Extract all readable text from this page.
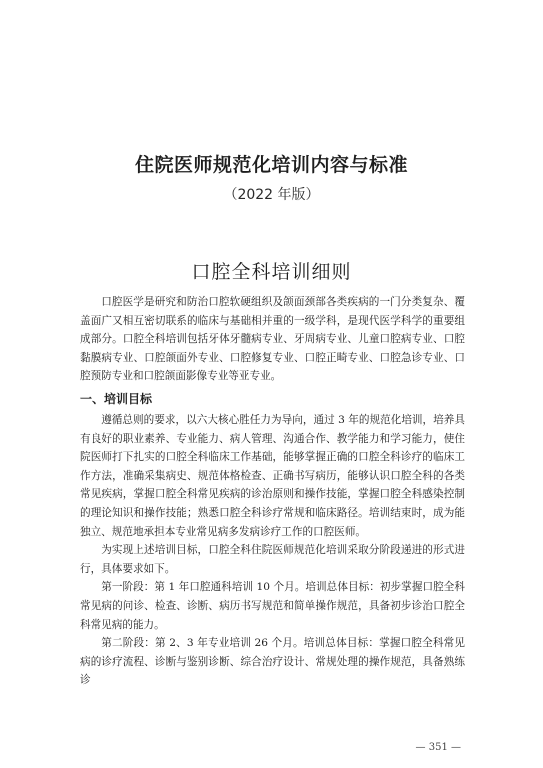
住院医师规范化培训内容与标准
（2022 年版）
口腔全科培训细则

口腔医学是研究和防治口腔软硬组织及颌面颈部各类疾病的一门分类复杂、覆盖面广又相互密切联系的临床与基础相并重的一级学科，是现代医学科学的重要组成部分。口腔全科培训包括牙体牙髓病专业、牙周病专业、儿童口腔病专业、口腔黏膜病专业、口腔颌面外专业、口腔修复专业、口腔正畸专业、口腔急诊专业、口腔预防专业和口腔颌面影像专业等亚专业。

一、培训目标

遵循总则的要求，以六大核心胜任力为导向，通过 3 年的规范化培训，培养具有良好的职业素养、专业能力、病人管理、沟通合作、教学能力和学习能力，使住院医师打下扎实的口腔全科临床工作基础，能够掌握正确的口腔全科诊疗的临床工作方法，准确采集病史、规范体格检查、正确书写病历，能够认识口腔全科的各类常见疾病，掌握口腔全科常见疾病的诊治原则和操作技能，掌握口腔全科感染控制的理论知识和操作技能；熟悉口腔全科诊疗常规和临床路径。培训结束时，成为能独立、规范地承担本专业常见病多发病诊疗工作的口腔医师。

为实现上述培训目标，口腔全科住院医师规范化培训采取分阶段递进的形式进行，具体要求如下。

第一阶段：第 1 年口腔通科培训 10 个月。培训总体目标：初步掌握口腔全科常见病的问诊、检查、诊断、病历书写规范和简单操作规范，具备初步诊治口腔全科常见病的能力。

第二阶段：第 2、3 年专业培训 26 个月。培训总体目标：掌握口腔全科常见病的诊疗流程、诊断与鉴别诊断、综合治疗设计、常规处理的操作规范，具备熟练诊

— 351 —
